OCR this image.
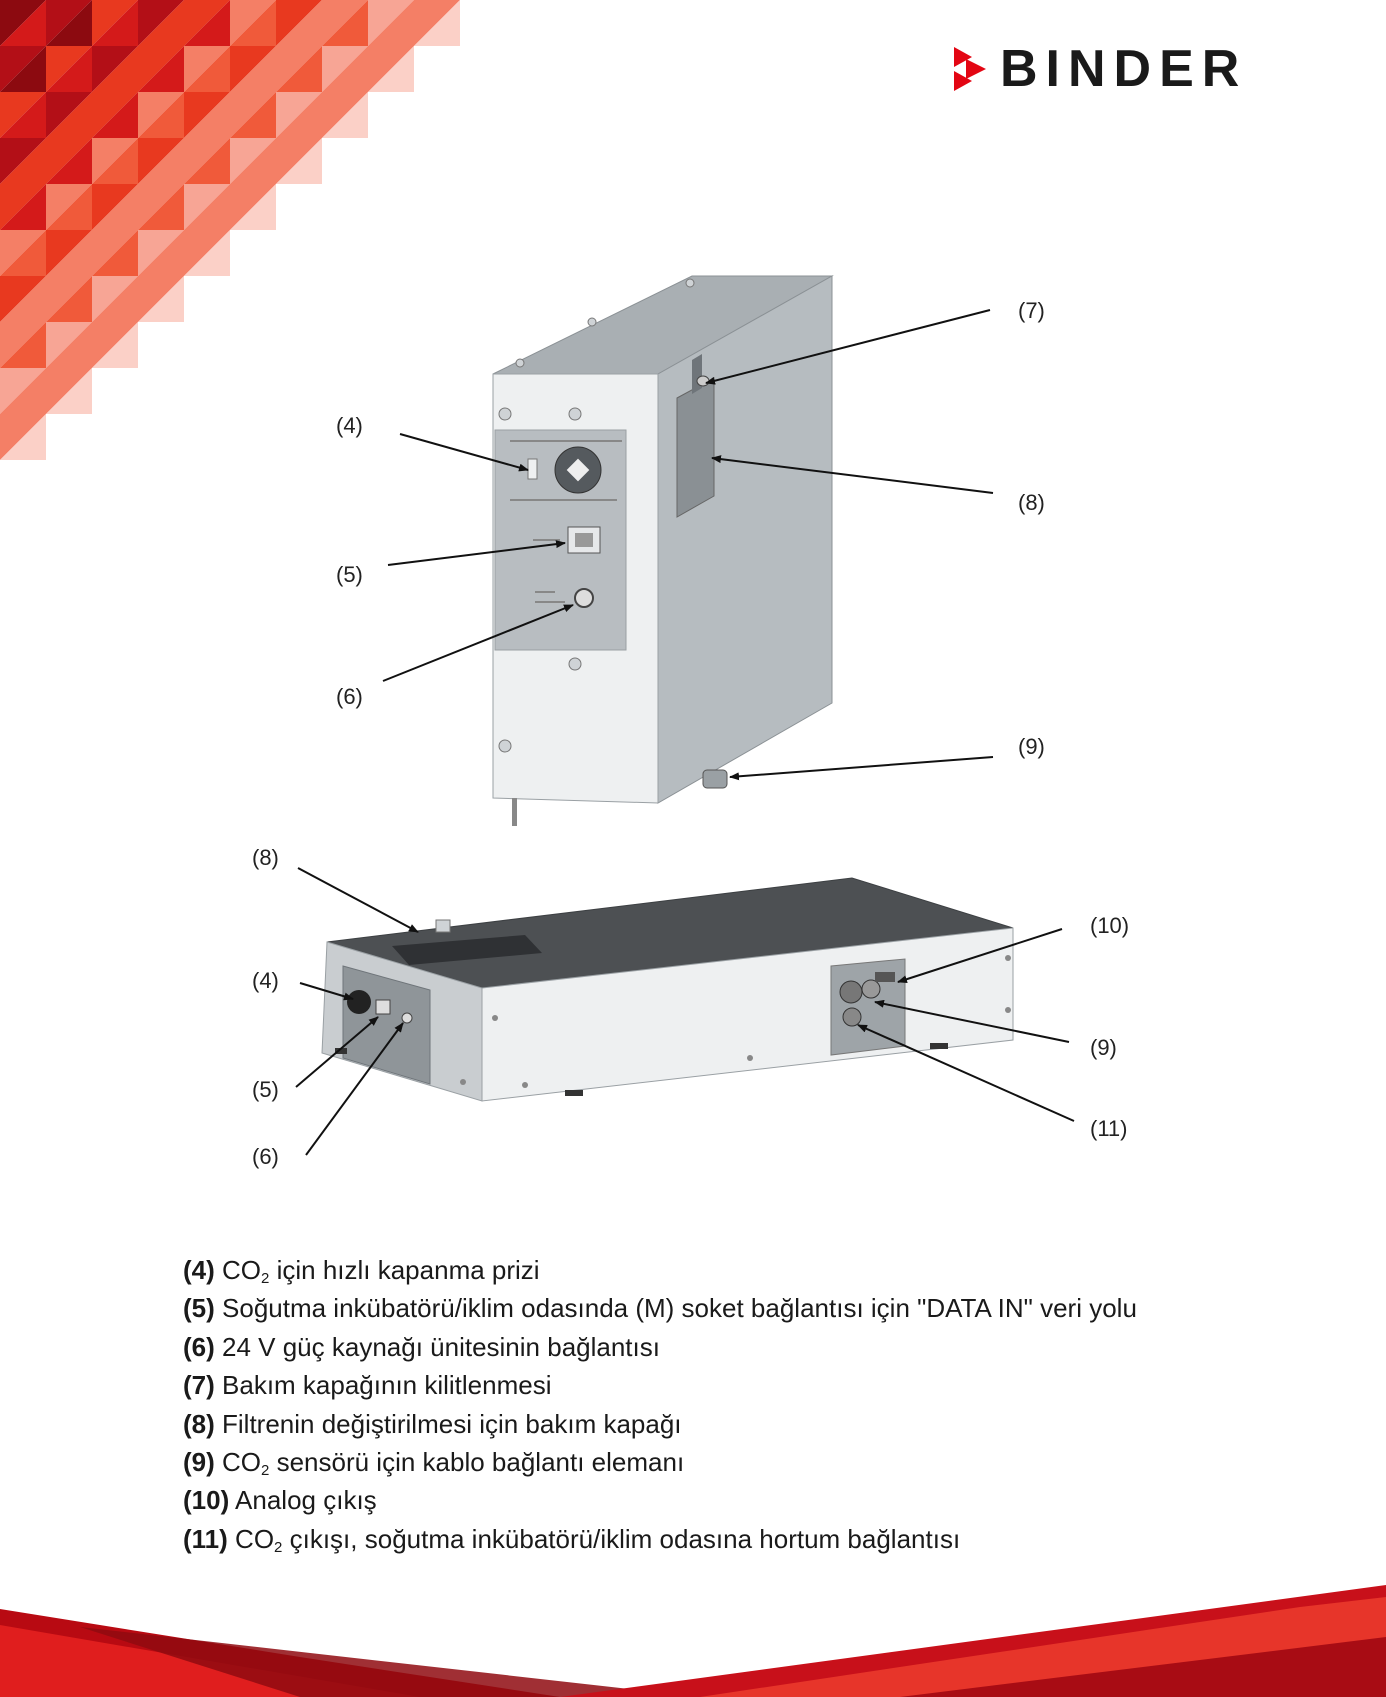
BINDER
(7)
(4)
(8)
(5)
(6)
(9)
(8)
(10)
(4)
(9)
(5)
(11)
(6)
(4) $CO_2$ için hızlı kapanma prizi
(5) Soğutma inkübatörü/iklim odasında (M) soket bağlantısı için "DATA IN" veri yolu
(6) 24 V güç kaynağı ünitesinin bağlantısı
(7) Bakım kapağının kilitlenmesi
(8) Filtrenin değiştirilmesi için bakım kapağı
(9) $CO_2$ sensörü için kablo bağlantı elemanı
(10) Analog çıkış
(11) $CO_2$ çıkışı, soğutma inkübatörü/iklim odasına hortum bağlantısı
